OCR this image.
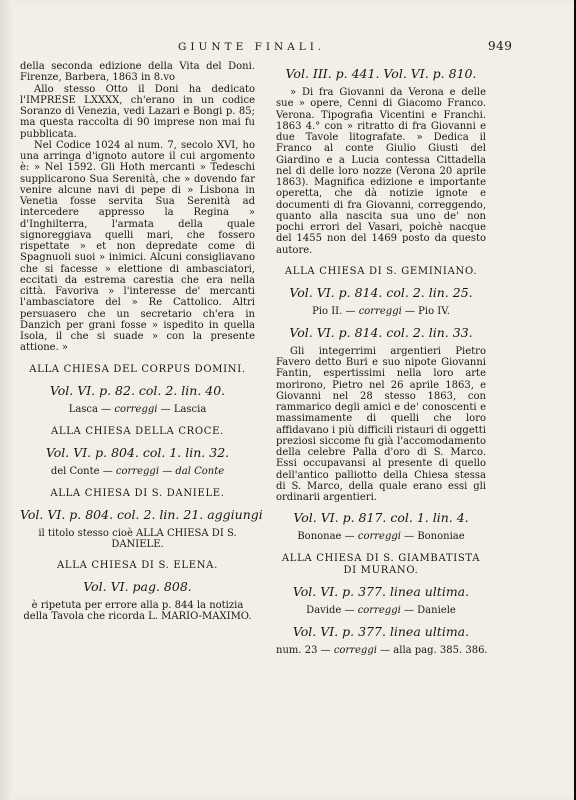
GIUNTE FINALI.	949

della seconda edizione della Vita del Doni. Firenze, Barbera, 1863 in 8.vo

Allo stesso Otto il Doni ha dedicato l'IMPRESE LXXXX, ch'erano in un codice Soranzo di Venezia, vedi Lazari e Bongi p. 85; ma questa raccolta di 90 imprese non mai fu pubblicata.

Nel Codice 1024 al num. 7, secolo XVI, ho una arringa d'ignoto autore il cui argomento è: » Nel 1592. Gli Hoth mercanti » Tedeschi supplicarono Sua Serenità, che » dovendo far venire alcune navi di pepe di » Lisbona in Venetia fosse servita Sua Serenità ad intercedere appresso la Regina » d'Inghilterra, l'armata della quale signoreggiava quelli mari, che fossero rispettate » et non depredate come di Spagnuoli suoi » inimici. Alcuni consigliavano che si facesse » elettione di ambasciatori, eccitati da estrema carestia che era nella città. Favoriva » l'interesse de' mercanti l'ambasciatore del » Re Cattolico. Altri persuasero che un secretario ch'era in Danzich per grani fosse » ispedito in quella Isola, il che si suade » con la presente attione. »

ALLA CHIESA DEL CORPUS DOMINI.
Vol. VI. p. 82. col. 2. lin. 40.
Lasca — correggi — Lascia
ALLA CHIESA DELLA CROCE.
Vol. VI. p. 804. col. 1. lin. 32.
del Conte — correggi — dal Conte
ALLA CHIESA DI S. DANIELE.
Vol. VI. p. 804. col. 2. lin. 21. aggiungi

il titolo stesso cioè ALLA CHIESA DI S. DANIELE.

ALLA CHIESA DI S. ELENA.
Vol. VI. pag. 808.

è ripetuta per errore alla p. 844 la notizia della Tavola che ricorda L. MARIO-MAXIMO.

Vol. III. p. 441. Vol. VI. p. 810.

» Di fra Giovanni da Verona e delle sue » opere, Cenni di Giacomo Franco. Verona. Tipografia Vicentini e Franchi. 1863 4.° con » ritratto di fra Giovanni e due Tavole litografate. » Dedica il Franco al conte Giulio Giusti del Giardino e a Lucia contessa Cittadella nel di delle loro nozze (Verona 20 aprile 1863). Magnifica edizione e importante operetta, che dà notizie ignote e documenti di fra Giovanni, correggendo, quanto alla nascita sua uno de' non pochi errori del Vasari, poichè nacque del 1455 non del 1469 posto da questo autore.

ALLA CHIESA DI S. GEMINIANO.
Vol. VI. p. 814. col. 2. lin. 25.
Pio II. — correggi — Pio IV.
Vol. VI. p. 814. col. 2. lin. 33.

Gli integerrimi argentieri Pietro Favero detto Buri e suo nipote Giovanni Fantin, espertissimi nella loro arte morirono, Pietro nel 26 aprile 1863, e Giovanni nel 28 stesso 1863, con rammarico degli amici e de' conoscenti e massimamente di quelli che loro affidavano i più difficili ristauri di oggetti preziosi siccome fu già l'accomodamento della celebre Palla d'oro di S. Marco. Essi occupavansi al presente di quello dell'antico palliotto della Chiesa stessa di S. Marco, della quale erano essi gli ordinarii argentieri.

Vol. VI. p. 817. col. 1. lin. 4.
Bononae — correggi — Bononiae
ALLA CHIESA DI S. GIAMBATISTA DI MURANO.
Vol. VI. p. 377. linea ultima.
Davide — correggi — Daniele
Vol. VI. p. 377. linea ultima.
num. 23 — correggi — alla pag. 385. 386.
